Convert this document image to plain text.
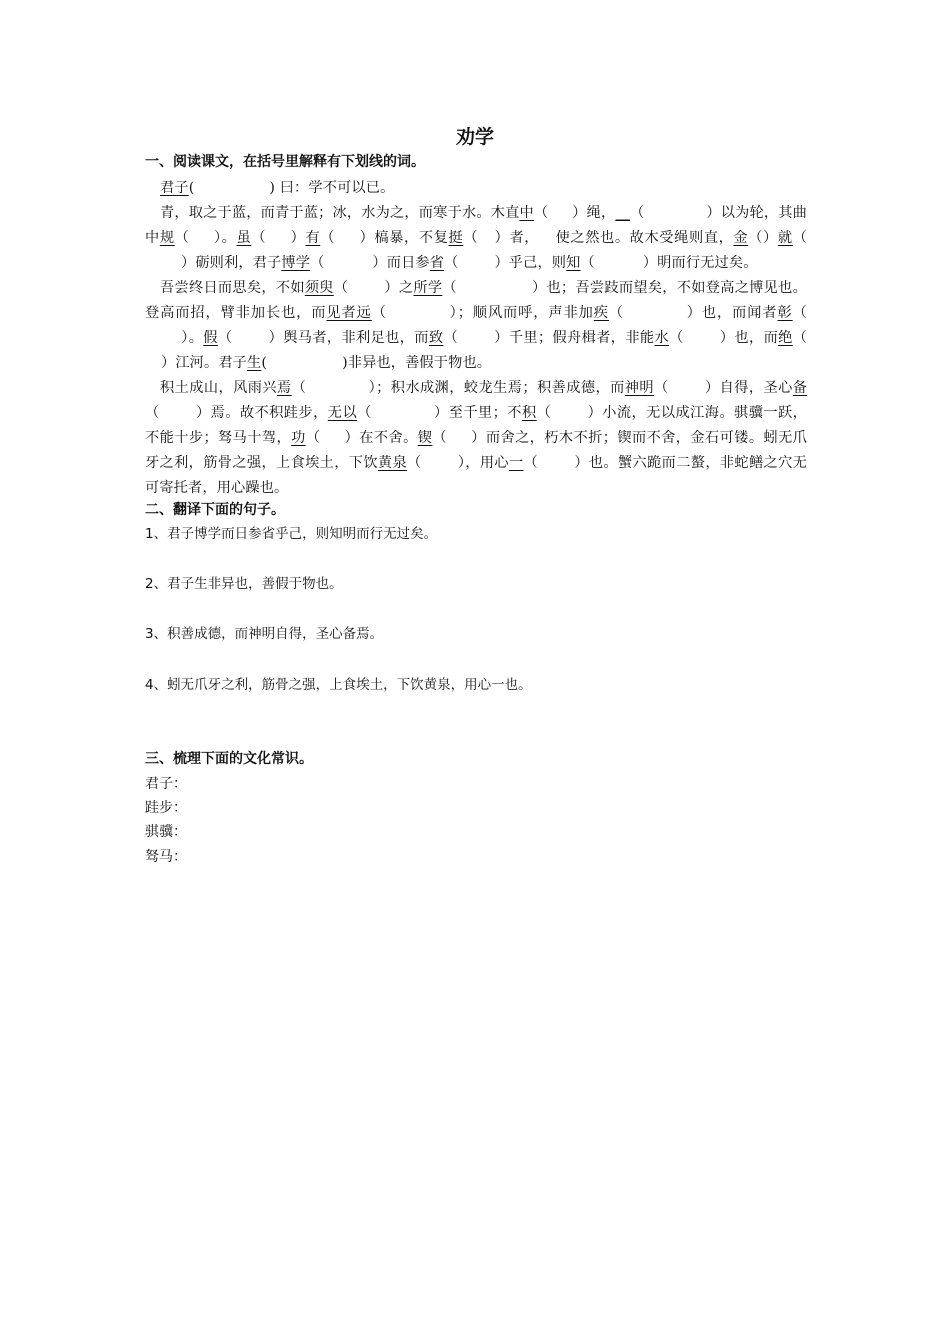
劝学
一、阅读课文，在括号里解释有下划线的词。
君子(	) 曰：学不可以已。
青，取之于蓝，而青于蓝；冰，水为之，而寒于水。木直中（ ）绳，__（	）以为轮，其曲中规（ ）。虽（ ）有（ ）槁暴，不复挺（ ）者， 使之然也。故木受绳则直，金（）就（）砺则利，君子博学（	）而日参省（	）乎己，则知（	）明而行无过矣。
吾尝终日而思矣，不如须臾（	）之所学（	）也；吾尝跂而望矣，不如登高之博见也。登高而招，臂非加长也，而见者远（	）；顺风而呼，声非加疾（	）也，而闻者彰（）。假（	）舆马者，非利足也，而致（	）千里；假舟楫者，非能水（	）也，而绝（）江河。君子生(	)非异也，善假于物也。
积土成山，风雨兴焉（	）；积水成渊，蛟龙生焉；积善成德，而神明（	）自得，圣心备（	）焉。故不积跬步，无以（	）至千里；不积（	）小流，无以成江海。骐骥一跃，不能十步；驽马十驾，功（ ）在不舍。锲（ ）而舍之，朽木不折；锲而不舍，金石可镂。蚓无爪牙之利，筋骨之强，上食埃土，下饮黄泉（	），用心一（	）也。蟹六跪而二螯，非蛇鳝之穴无可寄托者，用心躁也。
二、翻译下面的句子。
1、君子博学而日参省乎己，则知明而行无过矣。
2、君子生非异也，善假于物也。
3、积善成德，而神明自得，圣心备焉。
4、蚓无爪牙之利，筋骨之强，上食埃土，下饮黄泉，用心一也。
三、梳理下面的文化常识。
君子：
跬步：
骐骥：
驽马：
